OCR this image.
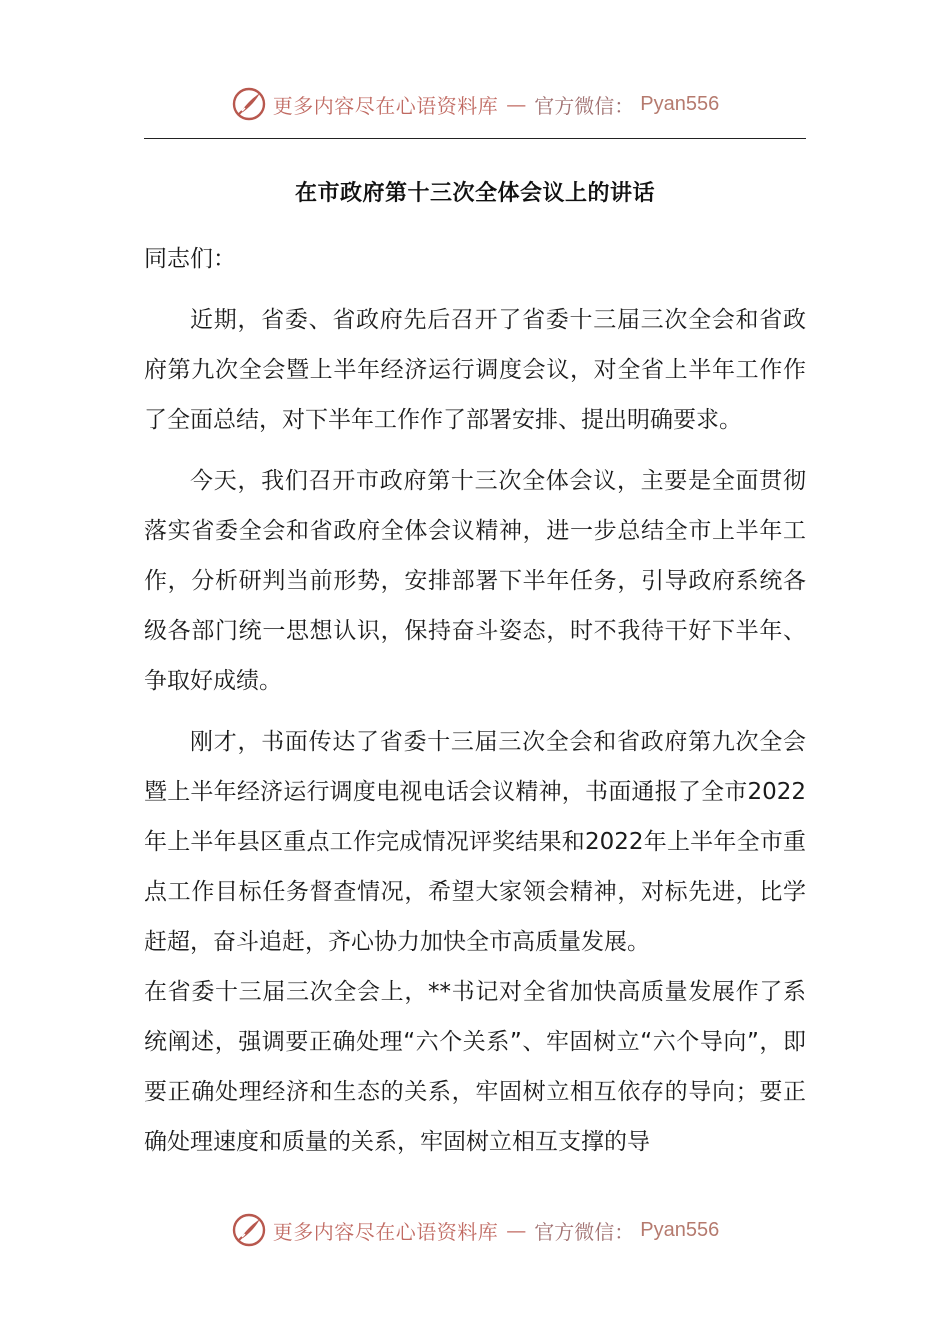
更多内容尽在心语资料库 — 官方微信： Pyan556
在市政府第十三次全体会议上的讲话

同志们：

近期，省委、省政府先后召开了省委十三届三次全会和省政府第九次全会暨上半年经济运行调度会议，对全省上半年工作作了全面总结，对下半年工作作了部署安排、提出明确要求。

今天，我们召开市政府第十三次全体会议，主要是全面贯彻落实省委全会和省政府全体会议精神，进一步总结全市上半年工作，分析研判当前形势，安排部署下半年任务，引导政府系统各级各部门统一思想认识，保持奋斗姿态，时不我待干好下半年、争取好成绩。

刚才，书面传达了省委十三届三次全会和省政府第九次全会暨上半年经济运行调度电视电话会议精神，书面通报了全市2022年上半年县区重点工作完成情况评奖结果和2022年上半年全市重点工作目标任务督查情况，希望大家领会精神，对标先进，比学赶超，奋斗追赶，齐心协力加快全市高质量发展。

在省委十三届三次全会上，**书记对全省加快高质量发展作了系统阐述，强调要正确处理“六个关系”、牢固树立“六个导向”，即要正确处理经济和生态的关系，牢固树立相互依存的导向；要正确处理速度和质量的关系，牢固树立相互支撑的导

更多内容尽在心语资料库 — 官方微信： Pyan556
